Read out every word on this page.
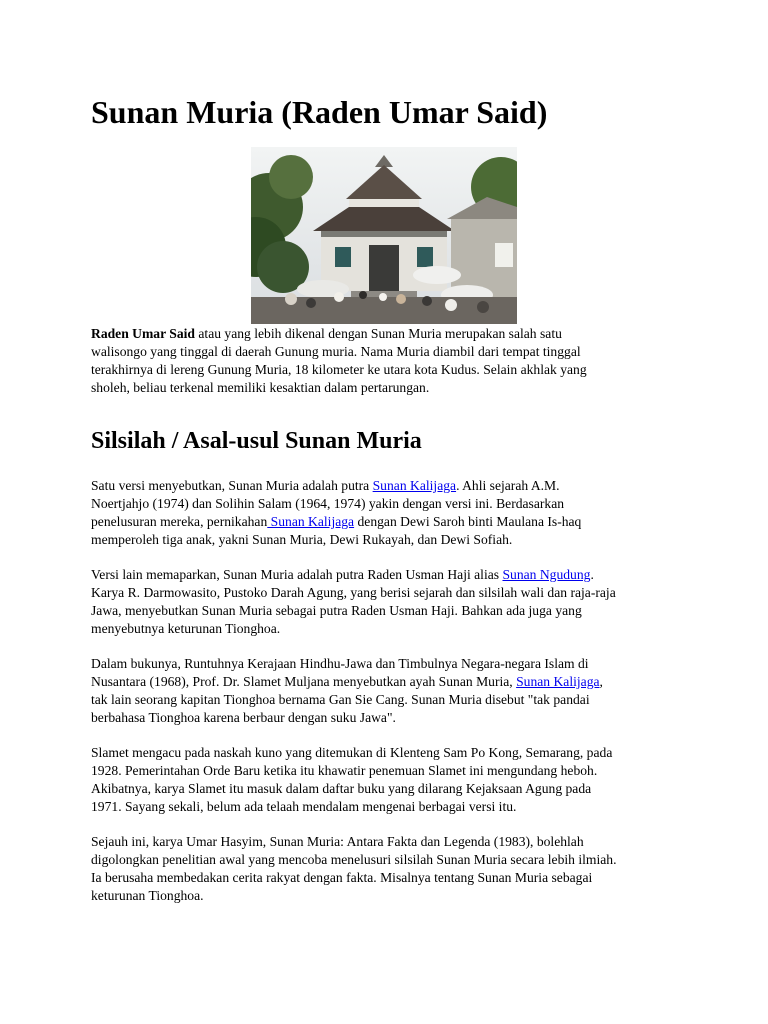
Sunan Muria (Raden Umar Said)

Raden Umar Said atau yang lebih dikenal dengan Sunan Muria merupakan salah satu
walisongo yang tinggal di daerah Gunung muria. Nama Muria diambil dari tempat tinggal
terakhirnya di lereng Gunung Muria, 18 kilometer ke utara kota Kudus. Selain akhlak yang
sholeh, beliau terkenal memiliki kesaktian dalam pertarungan.

Silsilah / Asal-usul Sunan Muria

Satu versi menyebutkan, Sunan Muria adalah putra Sunan Kalijaga. Ahli sejarah A.M.
Noertjahjo (1974) dan Solihin Salam (1964, 1974) yakin dengan versi ini. Berdasarkan
penelusuran mereka, pernikahan Sunan Kalijaga dengan Dewi Saroh binti Maulana Is-haq
memperoleh tiga anak, yakni Sunan Muria, Dewi Rukayah, dan Dewi Sofiah.

Versi lain memaparkan, Sunan Muria adalah putra Raden Usman Haji alias Sunan Ngudung.
Karya R. Darmowasito, Pustoko Darah Agung, yang berisi sejarah dan silsilah wali dan raja-raja
Jawa, menyebutkan Sunan Muria sebagai putra Raden Usman Haji. Bahkan ada juga yang
menyebutnya keturunan Tionghoa.

Dalam bukunya, Runtuhnya Kerajaan Hindhu-Jawa dan Timbulnya Negara-negara Islam di
Nusantara (1968), Prof. Dr. Slamet Muljana menyebutkan ayah Sunan Muria, Sunan Kalijaga,
tak lain seorang kapitan Tionghoa bernama Gan Sie Cang. Sunan Muria disebut "tak pandai
berbahasa Tionghoa karena berbaur dengan suku Jawa".

Slamet mengacu pada naskah kuno yang ditemukan di Klenteng Sam Po Kong, Semarang, pada
1928. Pemerintahan Orde Baru ketika itu khawatir penemuan Slamet ini mengundang heboh.
Akibatnya, karya Slamet itu masuk dalam daftar buku yang dilarang Kejaksaan Agung pada
1971. Sayang sekali, belum ada telaah mendalam mengenai berbagai versi itu.

Sejauh ini, karya Umar Hasyim, Sunan Muria: Antara Fakta dan Legenda (1983), bolehlah
digolongkan penelitian awal yang mencoba menelusuri silsilah Sunan Muria secara lebih ilmiah.
Ia berusaha membedakan cerita rakyat dengan fakta. Misalnya tentang Sunan Muria sebagai
keturunan Tionghoa.
